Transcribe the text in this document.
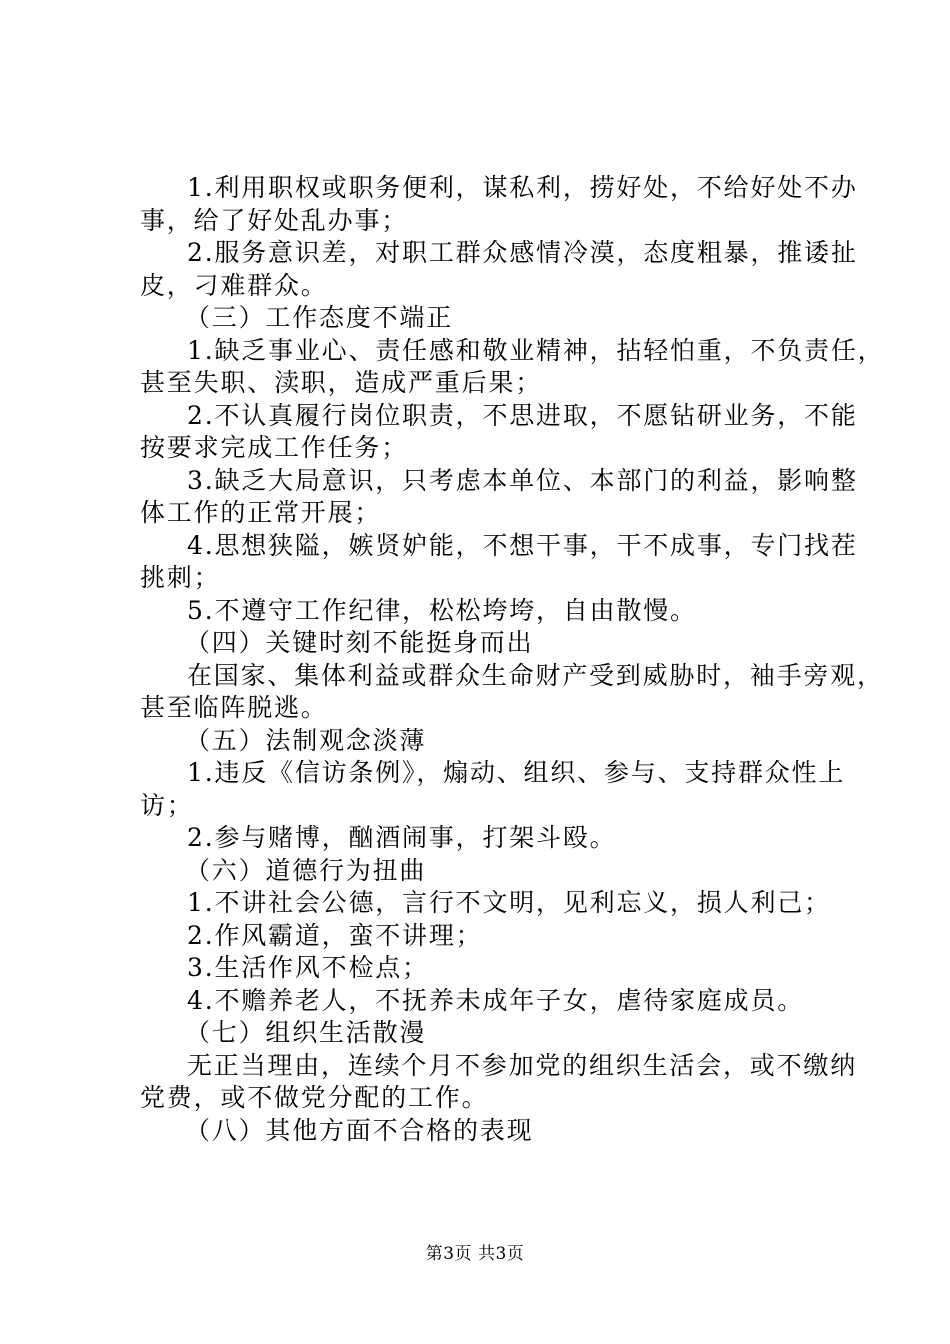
1.利用职权或职务便利，谋私利，捞好处，不给好处不办
事，给了好处乱办事；
2.服务意识差，对职工群众感情冷漠，态度粗暴，推诿扯
皮，刁难群众。
（三）工作态度不端正
1.缺乏事业心、责任感和敬业精神，拈轻怕重，不负责任，
甚至失职、渎职，造成严重后果；
2.不认真履行岗位职责，不思进取，不愿钻研业务，不能
按要求完成工作任务；
3.缺乏大局意识，只考虑本单位、本部门的利益，影响整
体工作的正常开展；
4.思想狭隘，嫉贤妒能，不想干事，干不成事，专门找茬
挑刺；
5.不遵守工作纪律，松松垮垮，自由散慢。
（四）关键时刻不能挺身而出
在国家、集体利益或群众生命财产受到威胁时，袖手旁观，
甚至临阵脱逃。
（五）法制观念淡薄
1.违反《信访条例》，煽动、组织、参与、支持群众性上
访；
2.参与赌博，酗酒闹事，打架斗殴。
（六）道德行为扭曲
1.不讲社会公德，言行不文明，见利忘义，损人利己；
2.作风霸道，蛮不讲理；
3.生活作风不检点；
4.不赡养老人，不抚养未成年子女，虐待家庭成员。
（七）组织生活散漫
无正当理由，连续个月不参加党的组织生活会，或不缴纳
党费，或不做党分配的工作。
（八）其他方面不合格的表现
第3页 共3页
